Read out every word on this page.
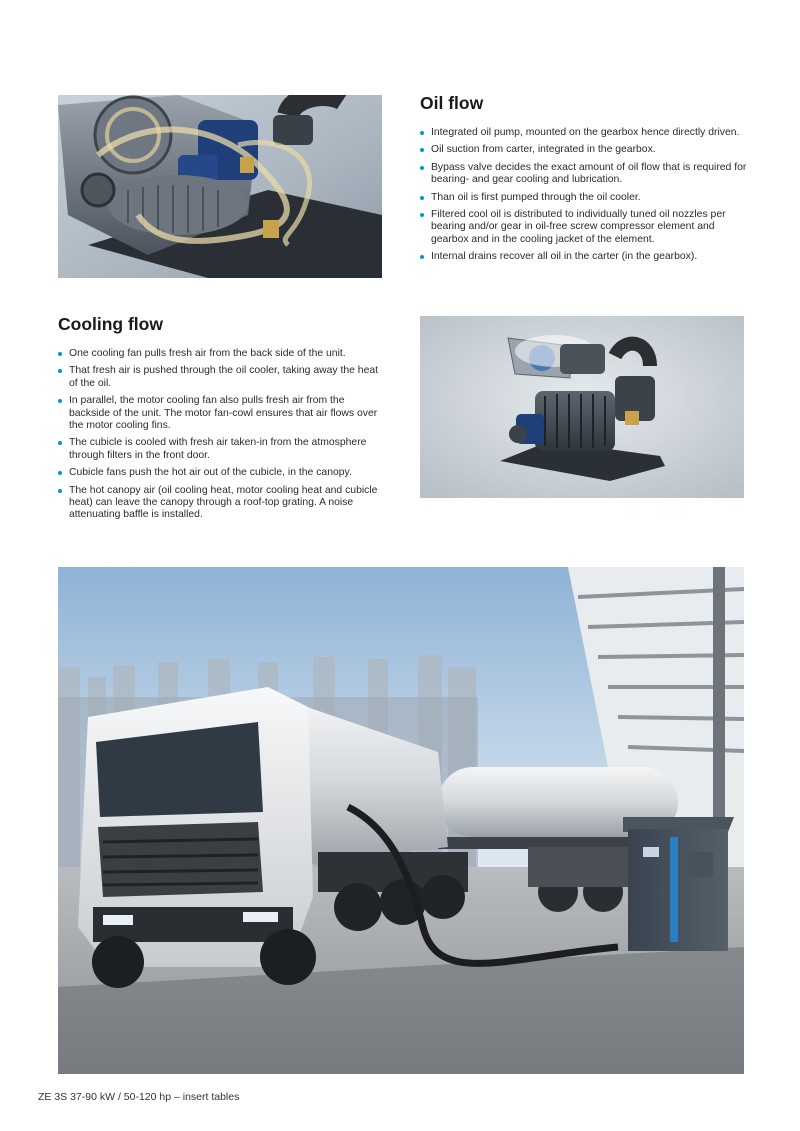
Oil flow
Integrated oil pump, mounted on the gearbox hence directly driven.
Oil suction from carter, integrated in the gearbox.
Bypass valve decides the exact amount of oil flow that is required for bearing- and gear cooling and lubrication.
Than oil is first pumped through the oil cooler.
Filtered cool oil is distributed to individually tuned oil nozzles per bearing and/or gear in oil-free screw compressor element and gearbox and in the cooling jacket of the element.
Internal drains recover all oil in the carter (in the gearbox).
Cooling flow
One cooling fan pulls fresh air from the back side of the unit.
That fresh air is pushed through the oil cooler, taking away the heat of the oil.
In parallel, the motor cooling fan also pulls fresh air from the backside of the unit. The motor fan-cowl ensures that air flows over the motor cooling fins.
The cubicle is cooled with fresh air taken-in from the atmosphere through filters in the front door.
Cubicle fans push the hot air out of the cubicle, in the canopy.
The hot canopy air (oil cooling heat, motor cooling heat and cubicle heat) can leave the canopy through a roof-top grating. A noise attenuating baffle is installed.
ZE 3S 37-90 kW / 50-120 hp – insert tables
